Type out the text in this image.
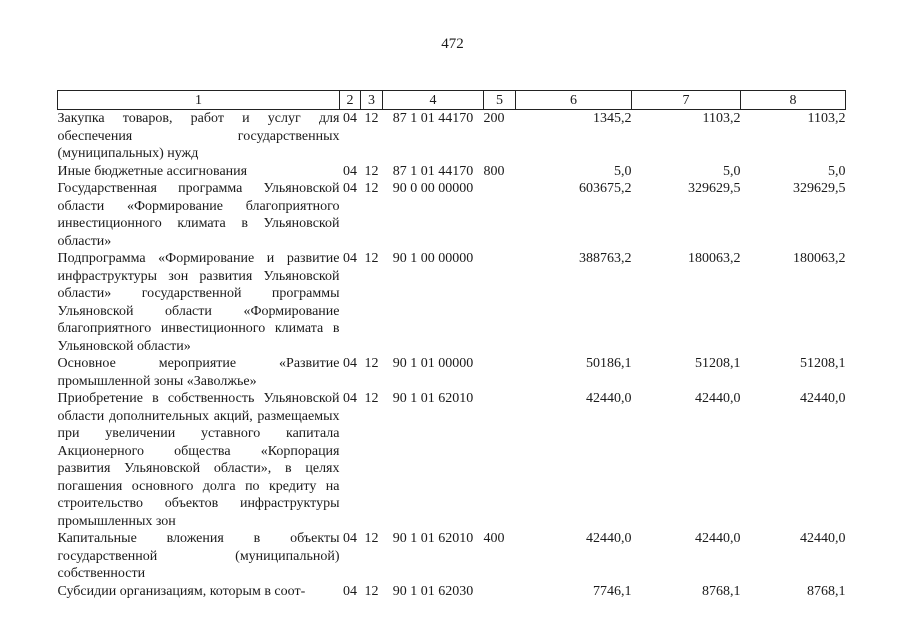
472
1	2	3	4	5	6	7	8
Закупка товаров, работ и услуг для обеспечения государственных (муниципальных) нужд	04	12	87 1 01 44170	200	1345,2	1103,2	1103,2
Иные бюджетные ассигнования	04	12	87 1 01 44170	800	5,0	5,0	5,0
Государственная программа Ульяновской области «Формирование благоприятного инвестиционного климата в Ульяновской области»	04	12	90 0 00 00000		603675,2	329629,5	329629,5
Подпрограмма «Формирование и развитие инфраструктуры зон развития Ульяновской области» государственной программы Ульяновской области «Формирование благоприятного инвестиционного климата в Ульяновской области»	04	12	90 1 00 00000		388763,2	180063,2	180063,2
Основное мероприятие «Развитие промышленной зоны «Заволжье»	04	12	90 1 01 00000		50186,1	51208,1	51208,1
Приобретение в собственность Ульяновской области дополнительных акций, размещаемых при увеличении уставного капитала Акционерного общества «Корпорация развития Ульяновской области», в целях погашения основного долга по кредиту на строительство объектов инфраструктуры промышленных зон	04	12	90 1 01 62010		42440,0	42440,0	42440,0
Капитальные вложения в объекты государственной (муниципальной) собственности	04	12	90 1 01 62010	400	42440,0	42440,0	42440,0
Субсидии организациям, которым в соот-	04	12	90 1 01 62030		7746,1	8768,1	8768,1
